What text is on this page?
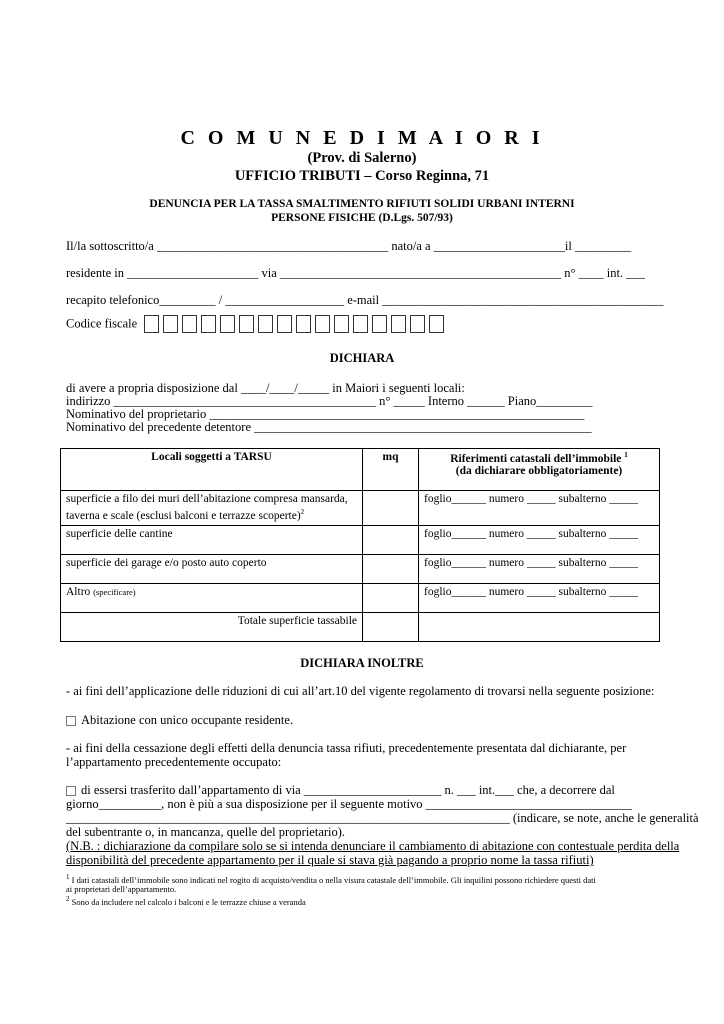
C O M U N E D I M A I O R I
(Prov. di Salerno)
UFFICIO TRIBUTI – Corso Reginna, 71
DENUNCIA PER LA TASSA SMALTIMENTO RIFIUTI SOLIDI URBANI INTERNI
PERSONE FISICHE (D.Lgs. 507/93)
Il/la sottoscritto/a _____________________________________ nato/a a _____________________il _________
residente in _____________________ via _____________________________________________ n° ____ int. ___
recapito telefonico_________ / ___________________ e-mail _____________________________________________
Codice fiscale
DICHIARA
di avere a propria disposizione dal ____/____/_____ in Maiori i seguenti locali:
indirizzo __________________________________________ n° _____ Interno ______ Piano_________
Nominativo del proprietario ____________________________________________________________
Nominativo del precedente detentore ______________________________________________________
Locali soggetti a TARSU	mq	Riferimenti catastali dell’immobile $^1$
(da dichiarare obbligatoriamente)
superficie a filo dei muri dell’abitazione compresa mansarda,
taverna e scale (esclusi balconi e terrazze scoperte)$^2$		foglio______ numero _____ subalterno _____
superficie delle cantine		foglio______ numero _____ subalterno _____
superficie dei garage e/o posto auto coperto		foglio______ numero _____ subalterno _____
Altro (specificare)		foglio______ numero _____ subalterno _____
Totale superficie tassabile		
DICHIARA INOLTRE
- ai fini dell’applicazione delle riduzioni di cui all’art.10 del vigente regolamento di trovarsi nella seguente posizione:
Abitazione con unico occupante residente.
- ai fini della cessazione degli effetti della denuncia tassa rifiuti, precedentemente presentata dal dichiarante, per
l’appartamento precedentemente occupato:
di essersi trasferito dall’appartamento di via ______________________ n. ___ int.___ che, a decorrere dal
giorno__________, non è più a sua disposizione per il seguente motivo _________________________________
_______________________________________________________________________ (indicare, se note, anche le generalità
del subentrante o, in mancanza, quelle del proprietario).
(N.B. : dichiarazione da compilare solo se si intenda denunciare il cambiamento di abitazione con contestuale perdita della
disponibilità del precedente appartamento per il quale si stava già pagando a proprio nome la tassa rifiuti)
$^1$ I dati catastali dell’immobile sono indicati nel rogito di acquisto/vendita o nella visura catastale dell’immobile. Gli inquilini possono richiedere questi dati
ai proprietari dell’appartamento.
$^2$ Sono da includere nel calcolo i balconi e le terrazze chiuse a veranda
